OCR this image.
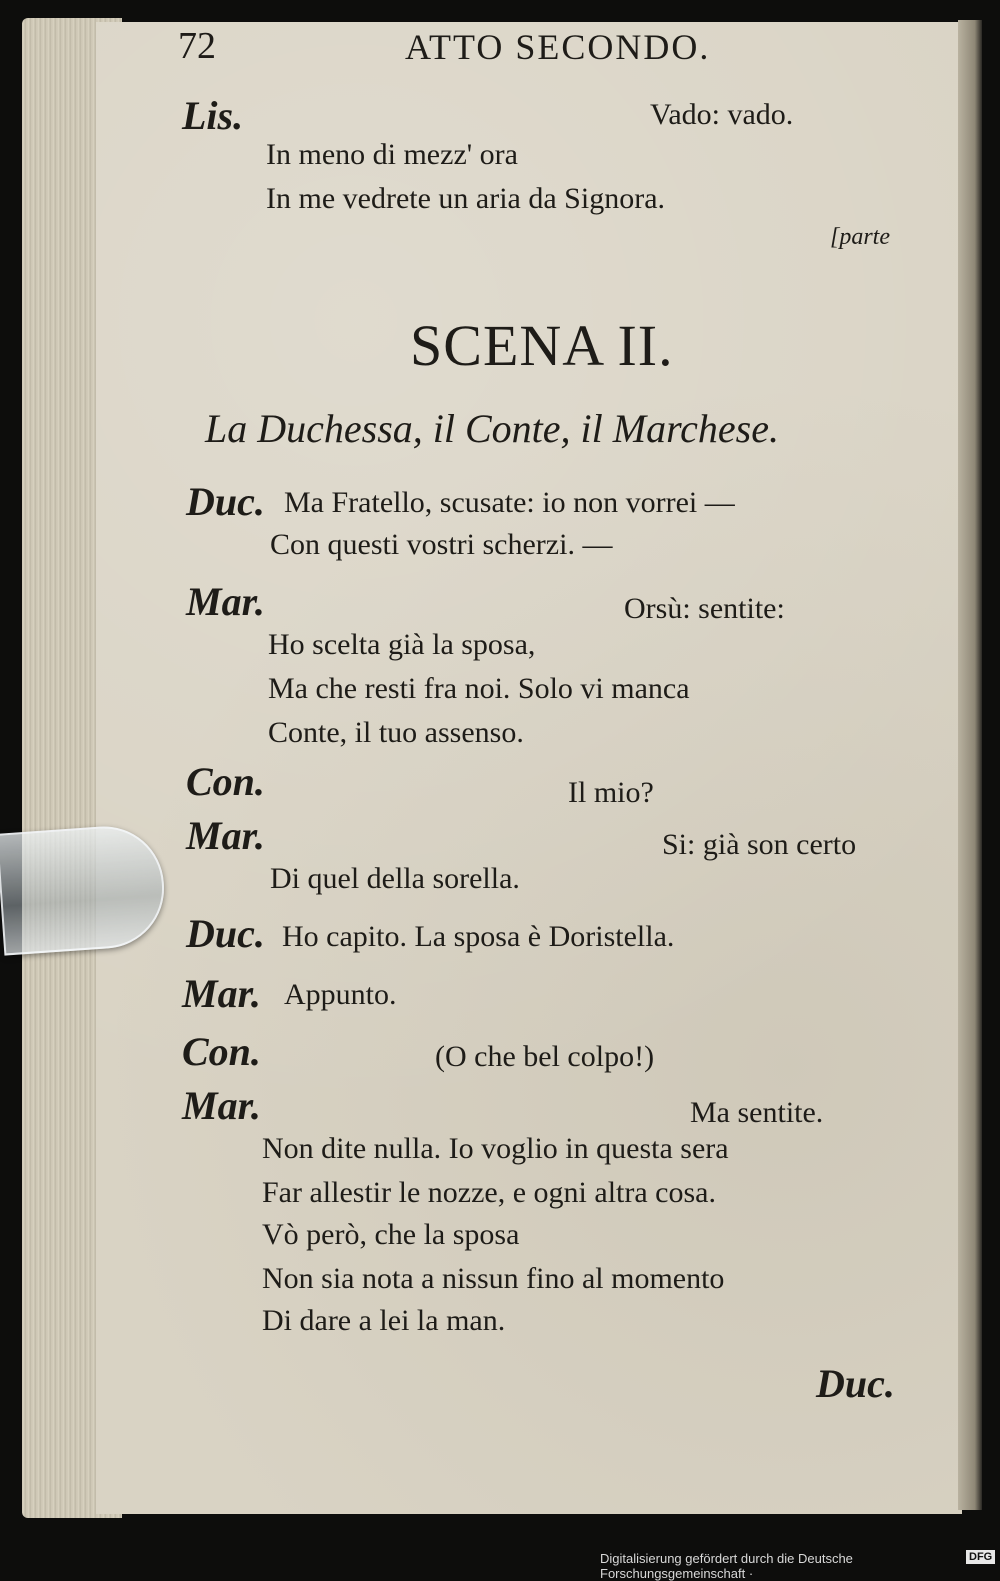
72	ATTO SECONDO.
Lis.	Vado: vado.
In meno di mezz' ora
In me vedrete un aria da Signora.
[parte
SCENA II.
La Duchessa, il Conte, il Marchese.
Duc. Ma Fratello, scusate: io non vorrei —
Con questi vostri scherzi. —
Mar.	Orsù: sentite:
Ho scelta già la sposa,
Ma che resti fra noi. Solo vi manca
Conte, il tuo assenso.
Con.	Il mio?
Mar.	Si: già son certo
Di quel della sorella.
Duc. Ho capito. La sposa è Doristella.
Mar. Appunto.
Con.	(O che bel colpo!)
Mar.	Ma sentite.
Non dite nulla. Io voglio in questa sera
Far allestir le nozze, e ogni altra cosa.
Vò però, che la sposa
Non sia nota a nissun fino al momento
Di dare a lei la man.
Duc.
Digitalisierung gefördert durch die Deutsche Forschungsgemeinschaft ·
DFG
